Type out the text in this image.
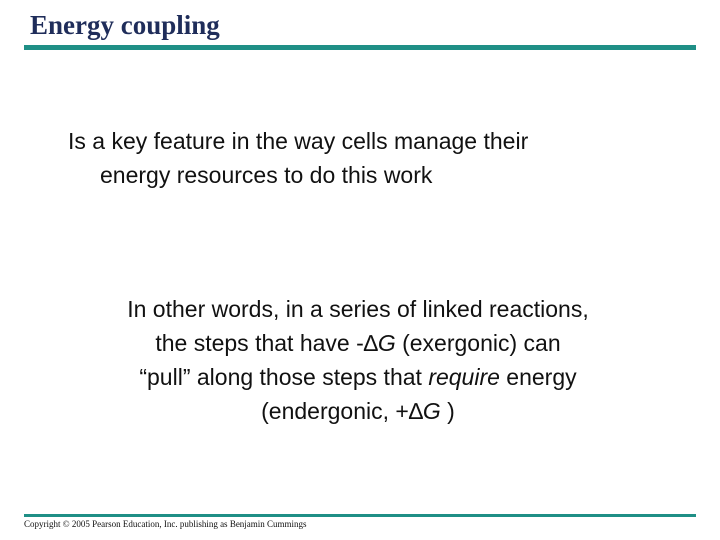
Energy coupling
Is a key feature in the way cells manage their
energy resources to do this work
In other words, in a series of linked reactions,
the steps that have -∆G (exergonic) can
“pull” along those steps that require energy
(endergonic, +∆G )
Copyright © 2005 Pearson Education, Inc. publishing as Benjamin Cummings
